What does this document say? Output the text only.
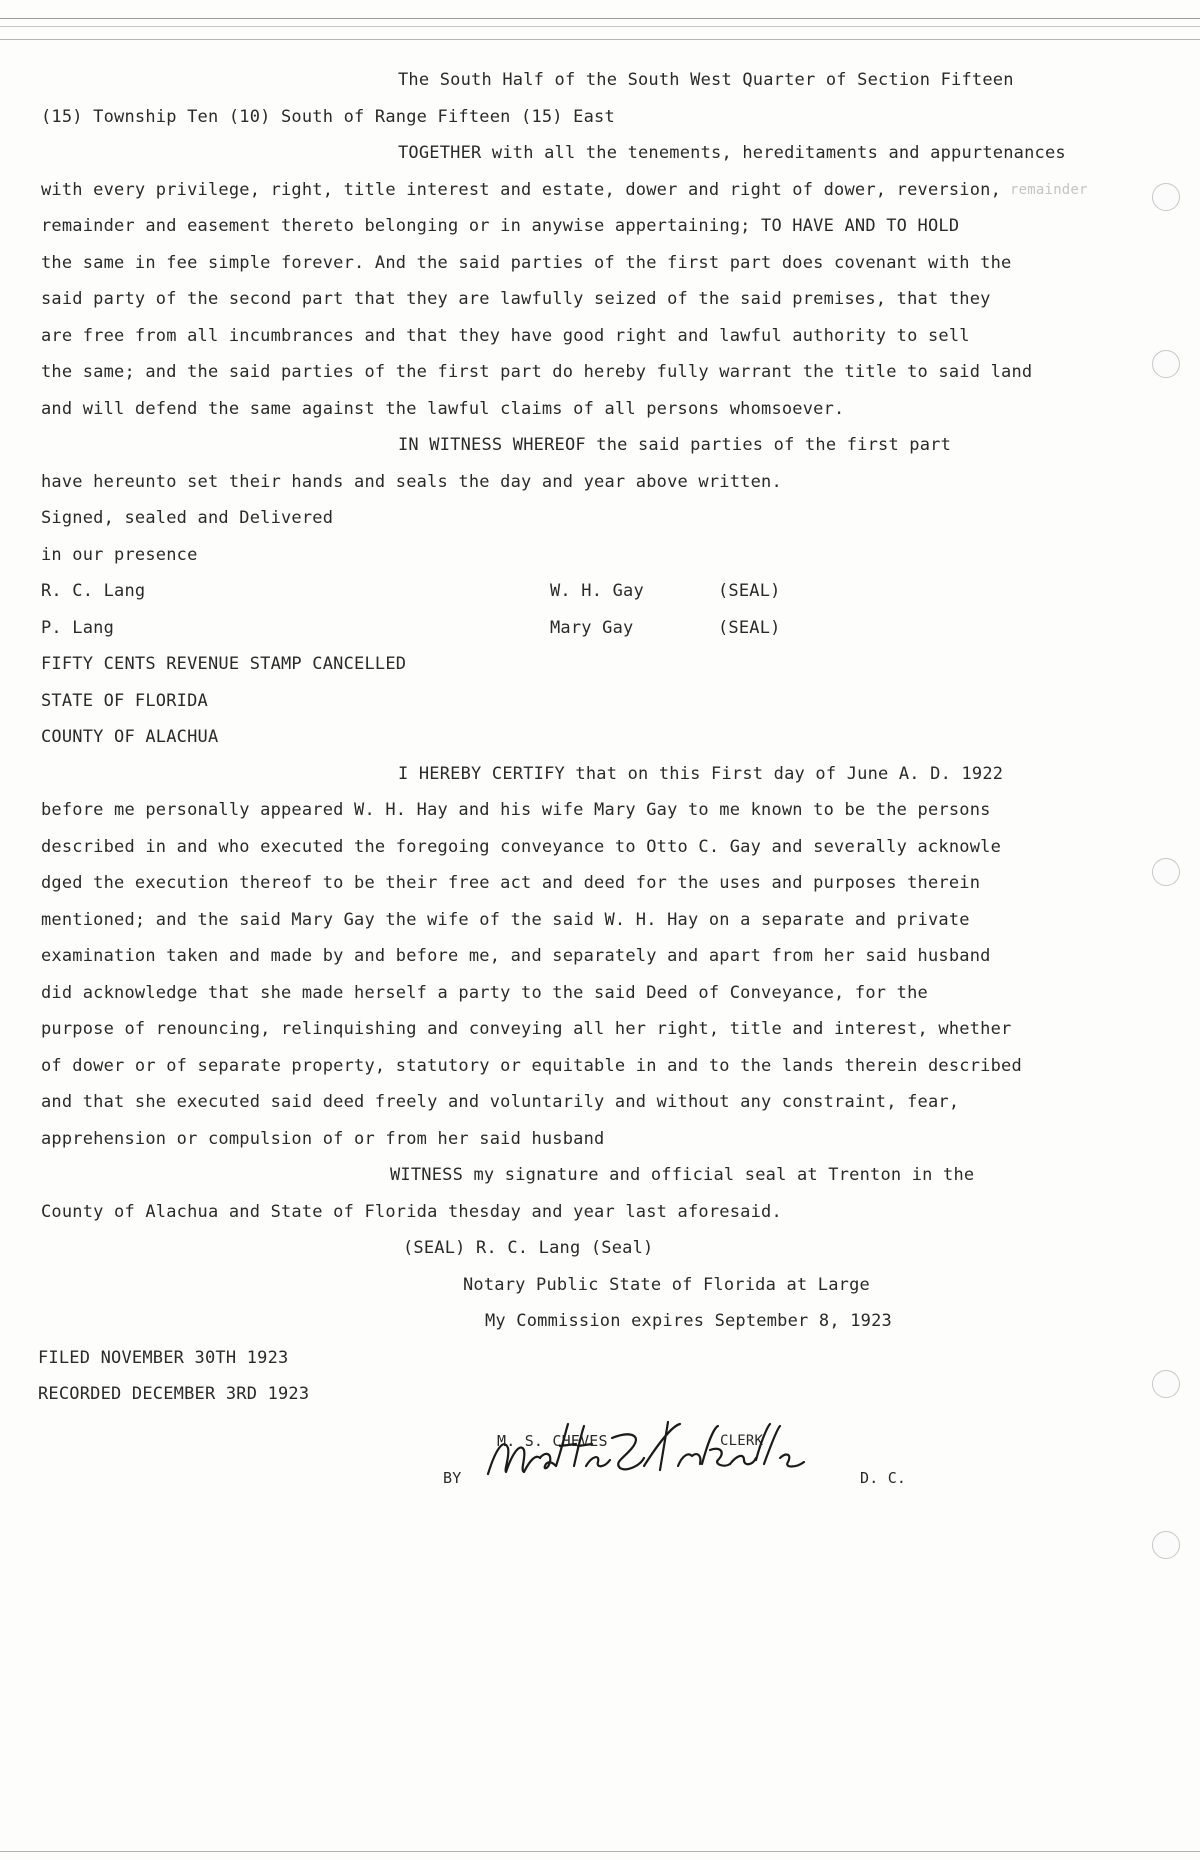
The South Half of the South West Quarter of Section Fifteen
(15) Township Ten (10) South of Range Fifteen (15) East
TOGETHER with all the tenements, hereditaments and appurtenances
with every privilege, right, title interest and estate, dower and right of dower, reversion, remainder
remainder and easement thereto belonging or in anywise appertaining; TO HAVE AND TO HOLD
the same in fee simple forever. And the said parties of the first part does covenant with the
said party of the second part that they are lawfully seized of the said premises, that they
are free from all incumbrances and that they have good right and lawful authority to sell
the same; and the said parties of the first part do hereby fully warrant the title to said land
and will defend the same against the lawful claims of all persons whomsoever.
IN WITNESS WHEREOF the said parties of the first part
have hereunto set their hands and seals the day and year above written.
Signed, sealed and Delivered
in our presence
R. C. Lang
P. Lang
W. H. Gay
Mary Gay
(SEAL)
(SEAL)
FIFTY CENTS REVENUE STAMP CANCELLED
STATE OF FLORIDA
COUNTY OF ALACHUA
I HEREBY CERTIFY that on this First day of June A. D. 1922
before me personally appeared W. H. Hay and his wife Mary Gay to me known to be the persons
described in and who executed the foregoing conveyance to Otto C. Gay and severally acknowle
dged the execution thereof to be their free act and deed for the uses and purposes therein
mentioned; and the said Mary Gay the wife of the said W. H. Hay on a separate and private
examination taken and made by and before me, and separately and apart from her said husband
did acknowledge that she made herself a party to the said Deed of Conveyance, for the
purpose of renouncing, relinquishing and conveying all her right, title and interest, whether
of dower or of separate property, statutory or equitable in and to the lands therein described
and that she executed said deed freely and voluntarily and without any constraint, fear,
apprehension or compulsion of or from her said husband
WITNESS my signature and official seal at Trenton in the
County of Alachua and State of Florida thesday and year last aforesaid.
(SEAL) R. C. Lang (Seal)
Notary Public State of Florida at Large
My Commission expires September 8, 1923
FILED NOVEMBER 30TH 1923
RECORDED DECEMBER 3RD 1923
M. S. CHEVES	CLERK
BY	D. C.
